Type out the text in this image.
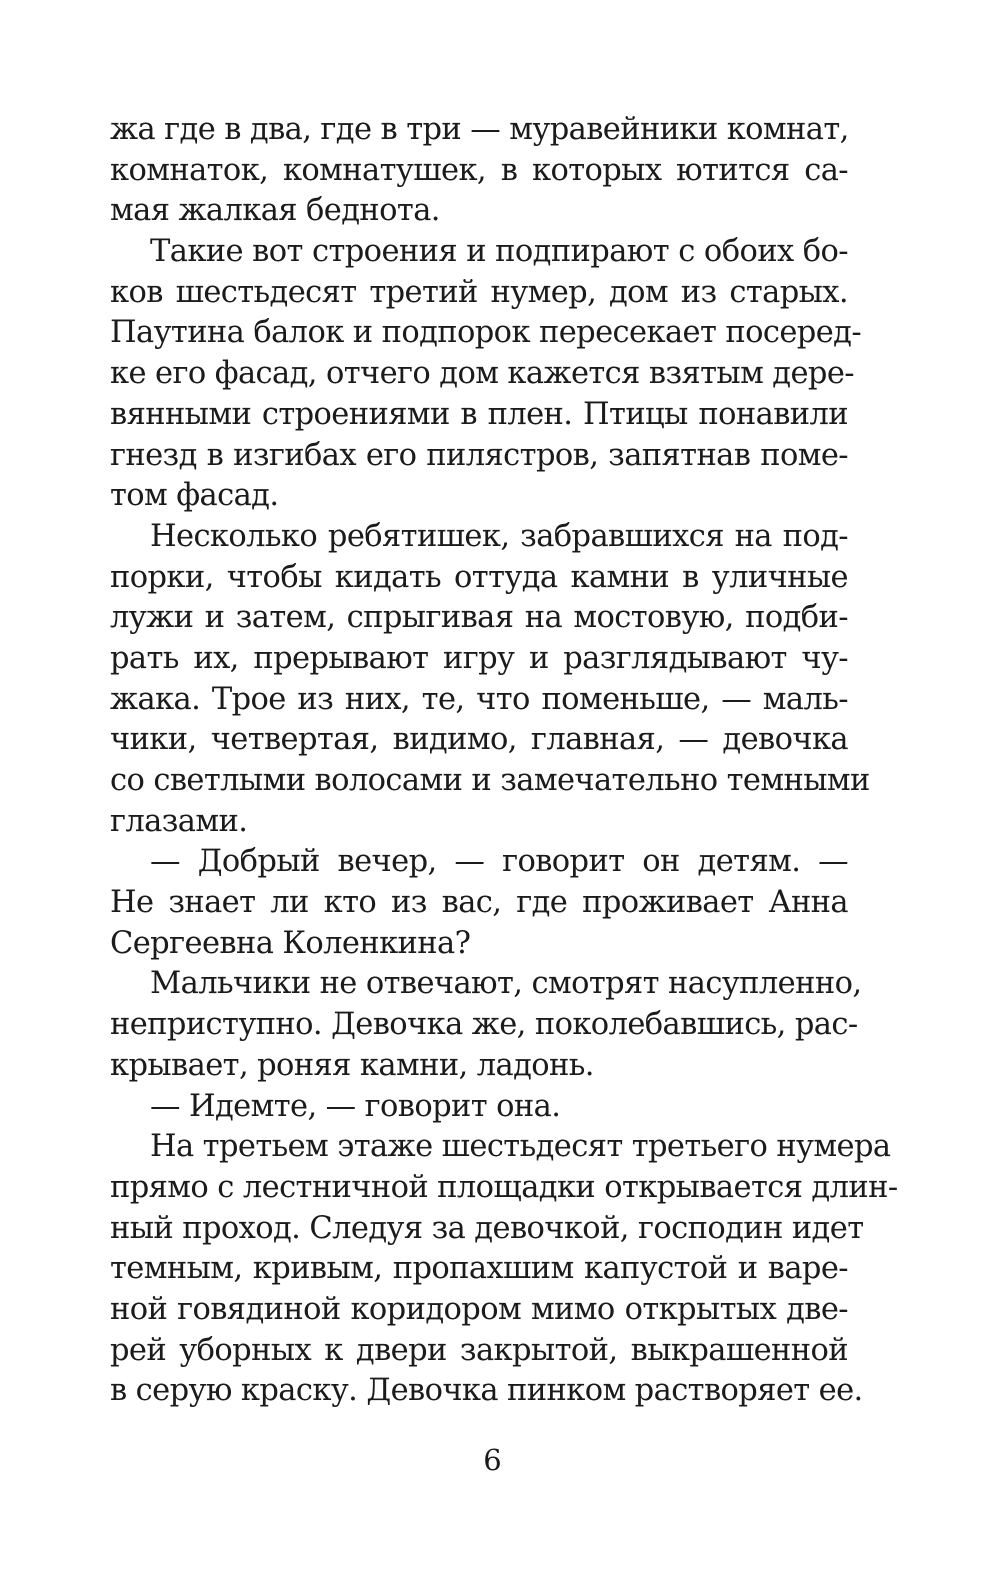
жа где в два, где в три — муравейники комнат,
комнаток, комнатушек, в которых ютится са-
мая жалкая беднота.
Такие вот строения и подпирают с обоих бо-
ков шестьдесят третий нумер, дом из старых.
Паутина балок и подпорок пересекает посеред-
ке его фасад, отчего дом кажется взятым дере-
вянными строениями в плен. Птицы понавили
гнезд в изгибах его пилястров, запятнав поме-
том фасад.
Несколько ребятишек, забравшихся на под-
порки, чтобы кидать оттуда камни в уличные
лужи и затем, спрыгивая на мостовую, подби-
рать их, прерывают игру и разглядывают чу-
жака. Трое из них, те, что поменьше, — маль-
чики, четвертая, видимо, главная, — девочка
со светлыми волосами и замечательно темными
глазами.
— Добрый вечер, — говорит он детям. —
Не знает ли кто из вас, где проживает Анна
Сергеевна Коленкина?
Мальчики не отвечают, смотрят насупленно,
неприступно. Девочка же, поколебавшись, рас-
крывает, роняя камни, ладонь.
— Идемте, — говорит она.
На третьем этаже шестьдесят третьего нумера
прямо с лестничной площадки открывается длин-
ный проход. Следуя за девочкой, господин идет
темным, кривым, пропахшим капустой и варе-
ной говядиной коридором мимо открытых две-
рей уборных к двери закрытой, выкрашенной
в серую краску. Девочка пинком растворяет ее.
6
